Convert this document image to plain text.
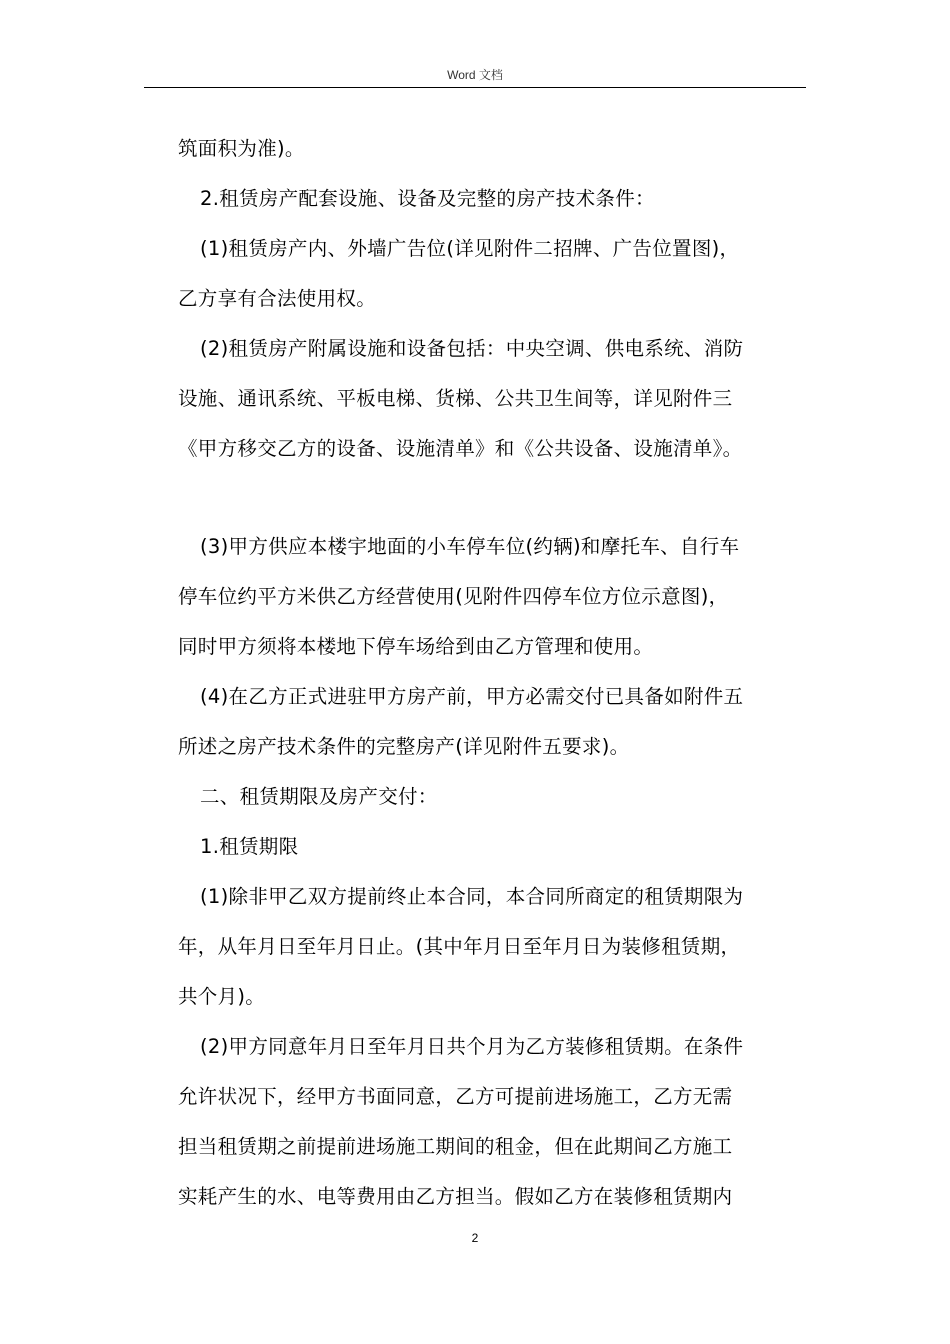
Word 文档
筑面积为准)。
2.租赁房产配套设施、设备及完整的房产技术条件：
(1)租赁房产内、外墙广告位(详见附件二招牌、广告位置图)，
乙方享有合法使用权。
(2)租赁房产附属设施和设备包括：中央空调、供电系统、消防
设施、通讯系统、平板电梯、货梯、公共卫生间等，详见附件三
《甲方移交乙方的设备、设施清单》和《公共设备、设施清单》。
(3)甲方供应本楼宇地面的小车停车位(约辆)和摩托车、自行车
停车位约平方米供乙方经营使用(见附件四停车位方位示意图)，
同时甲方须将本楼地下停车场给到由乙方管理和使用。
(4)在乙方正式进驻甲方房产前，甲方必需交付已具备如附件五
所述之房产技术条件的完整房产(详见附件五要求)。
二、租赁期限及房产交付：
1.租赁期限
(1)除非甲乙双方提前终止本合同，本合同所商定的租赁期限为
年，从年月日至年月日止。(其中年月日至年月日为装修租赁期，
共个月)。
(2)甲方同意年月日至年月日共个月为乙方装修租赁期。在条件
允许状况下，经甲方书面同意，乙方可提前进场施工，乙方无需
担当租赁期之前提前进场施工期间的租金，但在此期间乙方施工
实耗产生的水、电等费用由乙方担当。假如乙方在装修租赁期内
2
